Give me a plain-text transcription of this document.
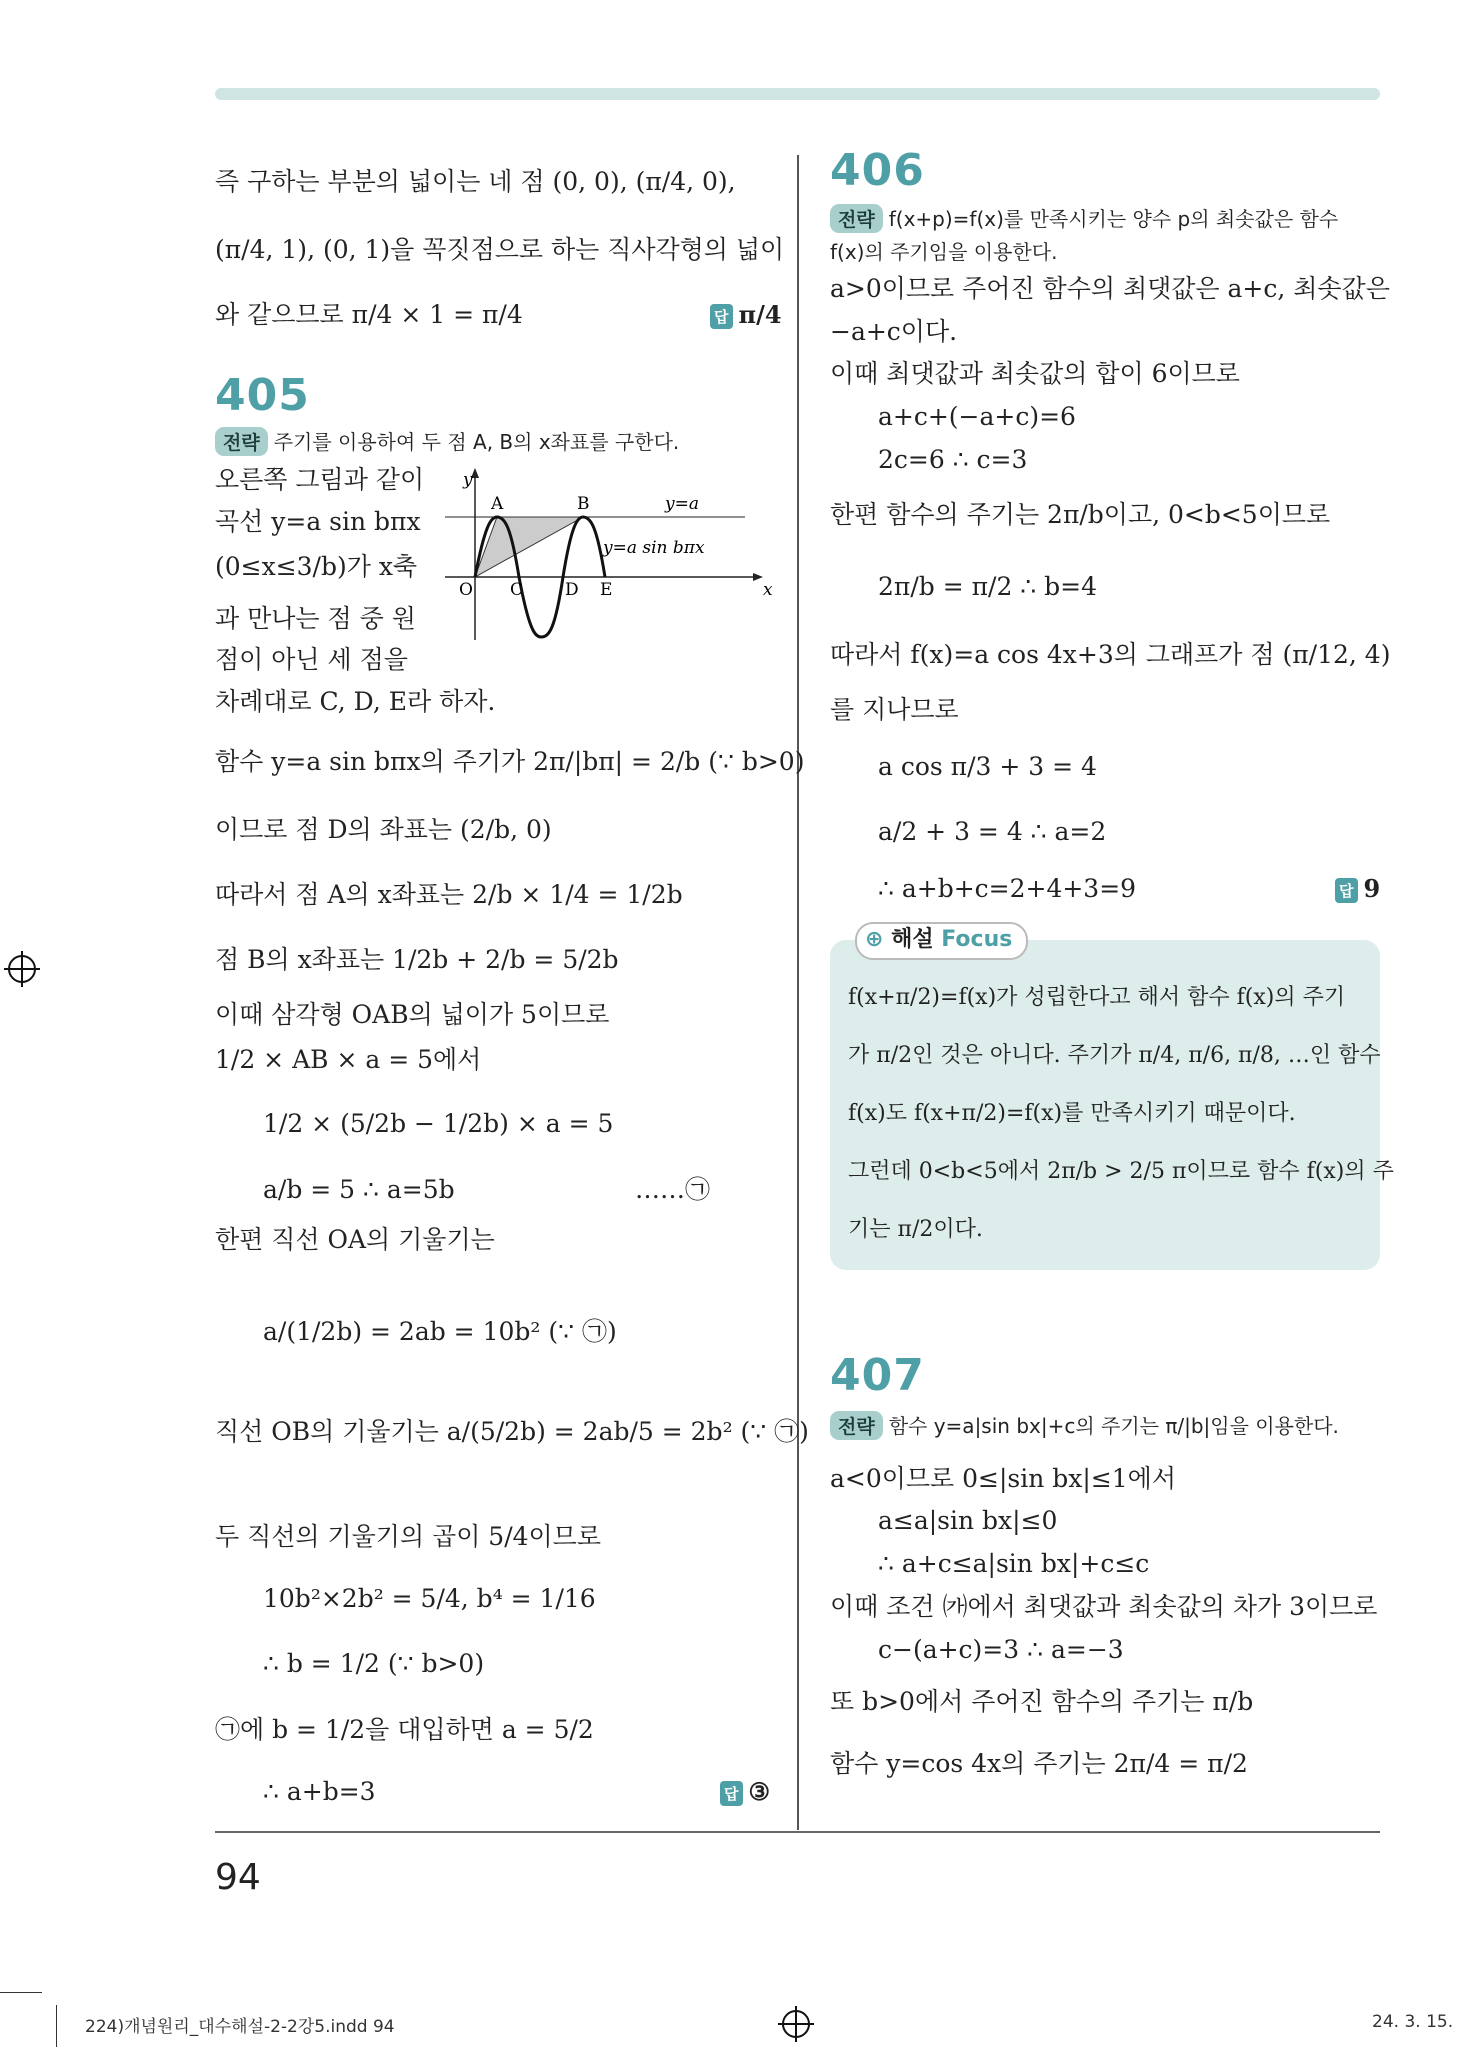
즉 구하는 부분의 넓이는 네 점 (0, 0), (π/4, 0),
(π/4, 1), (0, 1)을 꼭짓점으로 하는 직사각형의 넓이
와 같으므로 π/4 × 1 = π/4	답 π/4
405
전략 주기를 이용하여 두 점 A, B의 x좌표를 구한다.
오른쪽 그림과 같이
곡선 y=a sin bπx
(0≤x≤3/b)가 x축
과 만나는 점 중 원
점이 아닌 세 점을
차례대로 C, D, E라 하자.
y
x
O
A	B
C D E
y=a
y=a sin bπx
함수 y=a sin bπx의 주기가 2π/|bπ| = 2/b (∵ b>0)
이므로 점 D의 좌표는 (2/b, 0)
따라서 점 A의 x좌표는 2/b × 1/4 = 1/2b
점 B의 x좌표는 1/2b + 2/b = 5/2b
이때 삼각형 OAB의 넓이가 5이므로
1/2 × AB × a = 5에서
1/2 × (5/2b − 1/2b) × a = 5
a/b = 5 ∴ a=5b	……㉠
한편 직선 OA의 기울기는
a/(1/2b) = 2ab = 10b² (∵ ㉠)
직선 OB의 기울기는 a/(5/2b) = 2ab/5 = 2b² (∵ ㉠)
두 직선의 기울기의 곱이 5/4이므로
10b²×2b² = 5/4, b⁴ = 1/16
∴ b = 1/2 (∵ b>0)
㉠에 b = 1/2을 대입하면 a = 5/2
∴ a+b=3	답 ③
406
전략 f(x+p)=f(x)를 만족시키는 양수 p의 최솟값은 함수
f(x)의 주기임을 이용한다.
a>0이므로 주어진 함수의 최댓값은 a+c, 최솟값은
−a+c이다.
이때 최댓값과 최솟값의 합이 6이므로
a+c+(−a+c)=6
2c=6 ∴ c=3
한편 함수의 주기는 2π/b이고, 0<b<5이므로
2π/b = π/2 ∴ b=4
따라서 f(x)=a cos 4x+3의 그래프가 점 (π/12, 4)
를 지나므로
a cos π/3 + 3 = 4
a/2 + 3 = 4 ∴ a=2
∴ a+b+c=2+4+3=9	답 9
407
전략 함수 y=a|sin bx|+c의 주기는 π/|b|임을 이용한다.
a<0이므로 0≤|sin bx|≤1에서
a≤a|sin bx|≤0
∴ a+c≤a|sin bx|+c≤c
이때 조건 ㈎에서 최댓값과 최솟값의 차가 3이므로
c−(a+c)=3 ∴ a=−3
또 b>0에서 주어진 함수의 주기는 π/b
함수 y=cos 4x의 주기는 2π/4 = π/2
⊕ 해설 Focus
f(x+π/2)=f(x)가 성립한다고 해서 함수 f(x)의 주기
가 π/2인 것은 아니다. 주기가 π/4, π/6, π/8, …인 함수
f(x)도 f(x+π/2)=f(x)를 만족시키기 때문이다.
그런데 0<b<5에서 2π/b > 2/5 π이므로 함수 f(x)의 주
기는 π/2이다.
94
224)개념원리_대수해설-2-2강5.indd 94	24. 3. 15.
